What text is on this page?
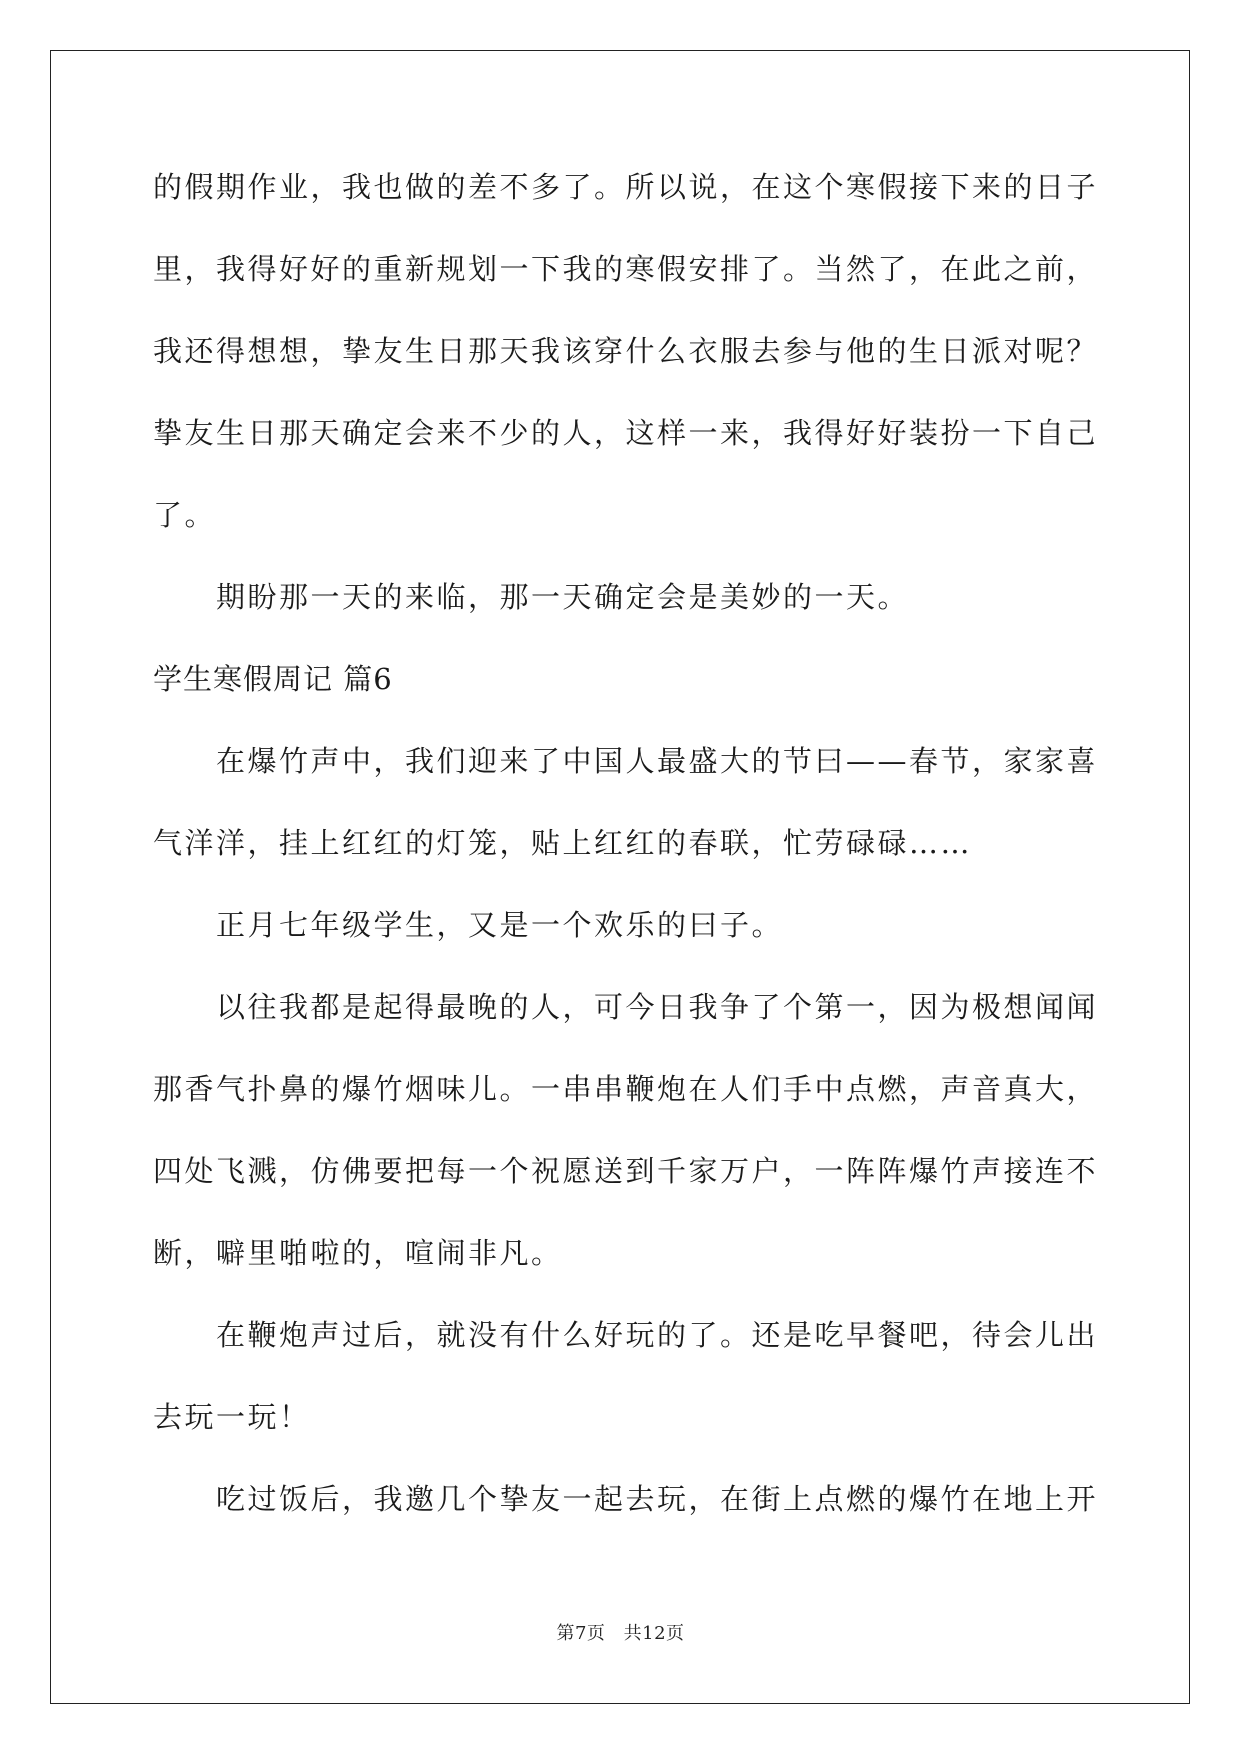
的假期作业，我也做的差不多了。所以说，在这个寒假接下来的日子
里，我得好好的重新规划一下我的寒假安排了。当然了，在此之前，
我还得想想，挚友生日那天我该穿什么衣服去参与他的生日派对呢？
挚友生日那天确定会来不少的人，这样一来，我得好好装扮一下自己
了。
期盼那一天的来临，那一天确定会是美妙的一天。
学生寒假周记 篇6
在爆竹声中，我们迎来了中国人最盛大的节曰——春节，家家喜
气洋洋，挂上红红的灯笼，贴上红红的春联，忙劳碌碌……
正月七年级学生，又是一个欢乐的曰子。
以往我都是起得最晚的人，可今日我争了个第一，因为极想闻闻
那香气扑鼻的爆竹烟味儿。一串串鞭炮在人们手中点燃，声音真大，
四处飞溅，仿佛要把每一个祝愿送到千家万户，一阵阵爆竹声接连不
断，噼里啪啦的，喧闹非凡。
在鞭炮声过后，就没有什么好玩的了。还是吃早餐吧，待会儿出
去玩一玩！
吃过饭后，我邀几个挚友一起去玩，在街上点燃的爆竹在地上开
第7页 共12页
